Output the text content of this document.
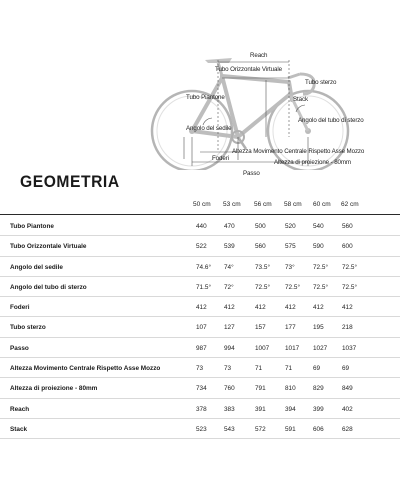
Reach
Tubo Orizzontale Virtuale
Tubo Piantone
Tubo sterzo
Stack
Angolo del tubo di sterzo
Angolo del sedile
Foderi
Altezza Movimento Centrale Rispetto Asse Mozzo
Altezza di proiezione - 80mm
Passo
GEOMETRIA
50 cm 53 cm 56 cm 58 cm 60 cm 62 cm
Tubo Piantone	440	470	500	520	540	560
Tubo Orizzontale Virtuale	522	539	560	575	590	600
Angolo del sedile	74.6° 74°	73.5° 73°	72.5° 72.5°
Angolo del tubo di sterzo	71.5° 72°	72.5° 72.5° 72.5° 72.5°
Foderi	412	412	412	412	412	412
Tubo sterzo	107	127	157	177	195	218
Passo	987	994	1007 1017 1027 1037
Altezza Movimento Centrale Rispetto Asse Mozzo	73	73	71	71	69	69
Altezza di proiezione - 80mm	734	760	791	810	829	849
Reach	378	383	391	394	399	402
Stack	523	543	572	591	606	628
